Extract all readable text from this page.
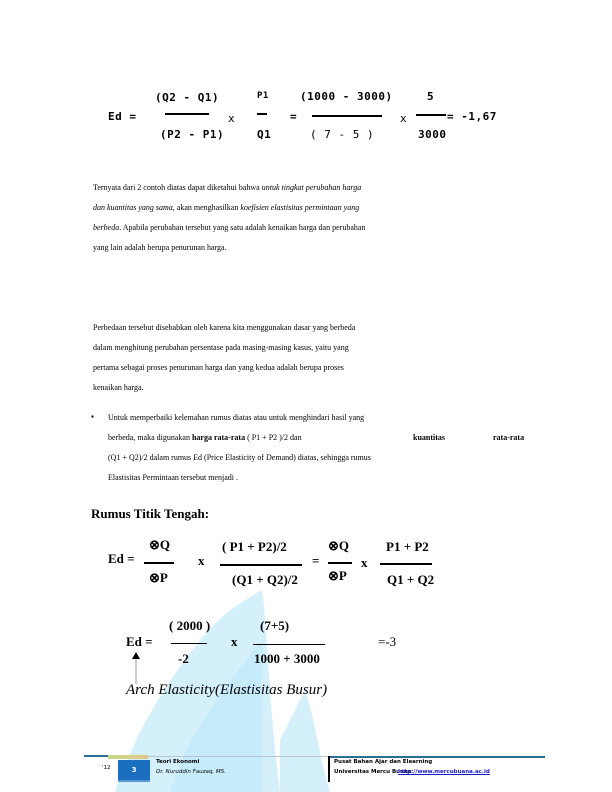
Ed =
(Q2 - Q1)
(P2 - P1)
x
P1
Q1
=
(1000 - 3000)
( 7 - 5 )
x
5
3000
= -1,67
Ternyata dari 2 contoh diatas dapat diketahui bahwa untuk tingkat perubahan harga
dan kuantitas yang sama, akan menghasilkan koefisien elastisitas permintaan yang
berbeda. Apabila perubahan tersebut yang satu adalah kenaikan harga dan perubahan
yang lain adalah berupa penurunan harga.
Perbedaan tersebut disebabkan oleh karena kita menggunakan dasar yang berbeda
dalam menghitung perubahan persentase pada masing-masing kasus, yaitu yang
pertama sebagai proses penurunan harga dan yang kedua adalah berupa proses
kenaikan harga.
▪ Untuk memperbaiki kelemahan rumus diatas atau untuk menghindari hasil yang
berbeda, maka digunakan harga rata-rata ( P1 + P2 )/2 dan	kuantitas	rata-rata
(Q1 + Q2)/2 dalam rumus Ed (Price Elasticity of Demand) diatas, sehingga rumus
Elastisitas Permintaan tersebut menjadi .
Rumus Titik Tengah:
Ed =
⊗Q
⊗P
x
( P1 + P2)/2
(Q1 + Q2)/2
=
⊗Q
⊗P
x
P1 + P2
Q1 + Q2
Ed =
( 2000 )
-2
x
(7+5)
1000 + 3000
=-3
Arch Elasticity(Elastisitas Busur)
'12	3
Teori Ekonomi
Dr. Nuruddin Fauzaq, MS.
Pusat Bahan Ajar dan Elearning
Universitas Mercu Buana
http://www.mercubuana.ac.id
